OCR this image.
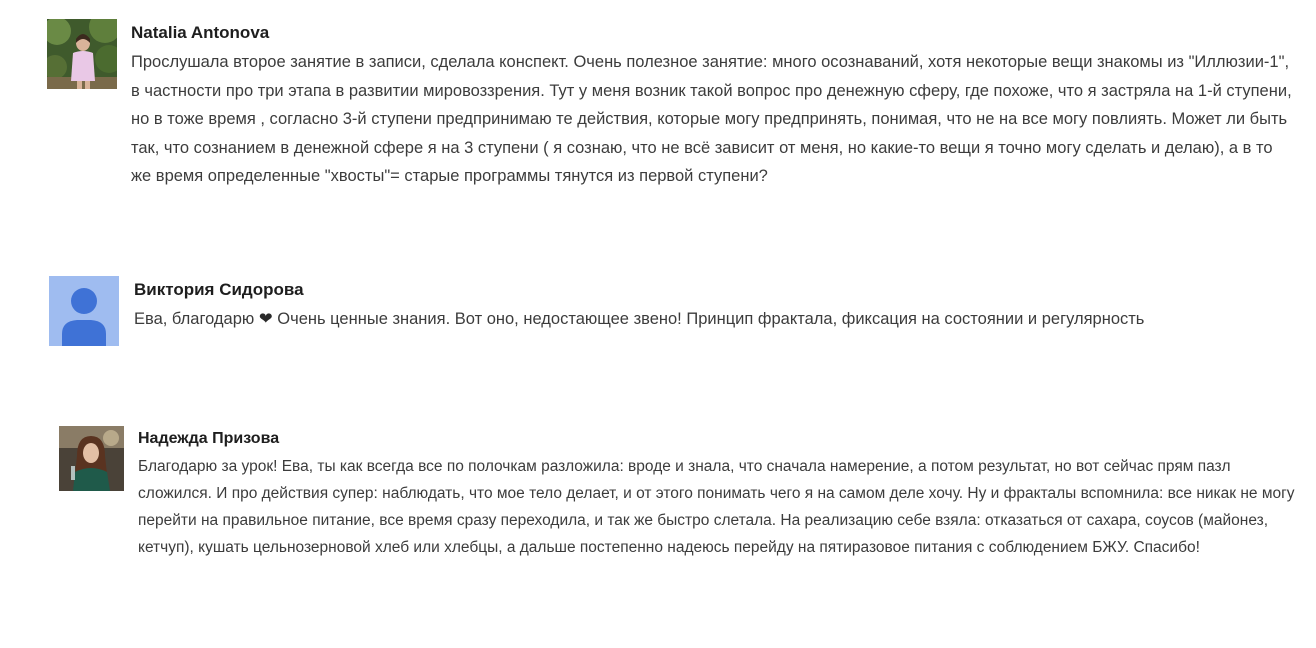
Natalia Antonova
Прослушала второе занятие в записи, сделала конспект. Очень полезное занятие: много осознаваний, хотя некоторые вещи знакомы из "Иллюзии-1", в частности про три этапа в развитии мировоззрения. Тут у меня возник такой вопрос про денежную сферу, где похоже, что я застряла на 1-й ступени, но в тоже время , согласно 3-й ступени предпринимаю те действия, которые могу предпринять, понимая, что не на все могу повлиять. Может ли быть так, что сознанием в денежной сфере я на 3 ступени ( я сознаю, что не всё зависит от меня, но какие-то вещи я точно могу сделать и делаю), а в то же время определенные "хвосты"= старые программы тянутся из первой ступени?
Виктория Сидорова
Ева, благодарю ❤ Очень ценные знания. Вот оно, недостающее звено! Принцип фрактала, фиксация на состоянии и регулярность
Надежда Призова
Благодарю за урок! Ева, ты как всегда все по полочкам разложила: вроде и знала, что сначала намерение, а потом результат, но вот сейчас прям пазл сложился. И про действия супер: наблюдать, что мое тело делает, и от этого понимать чего я на самом деле хочу. Ну и фракталы вспомнила: все никак не могу перейти на правильное питание, все время сразу переходила, и так же быстро слетала. На реализацию себе взяла: отказаться от сахара, соусов (майонез, кетчуп), кушать цельнозерновой хлеб или хлебцы, а дальше постепенно надеюсь перейду на пятиразовое питания с соблюдением БЖУ. Спасибо!
